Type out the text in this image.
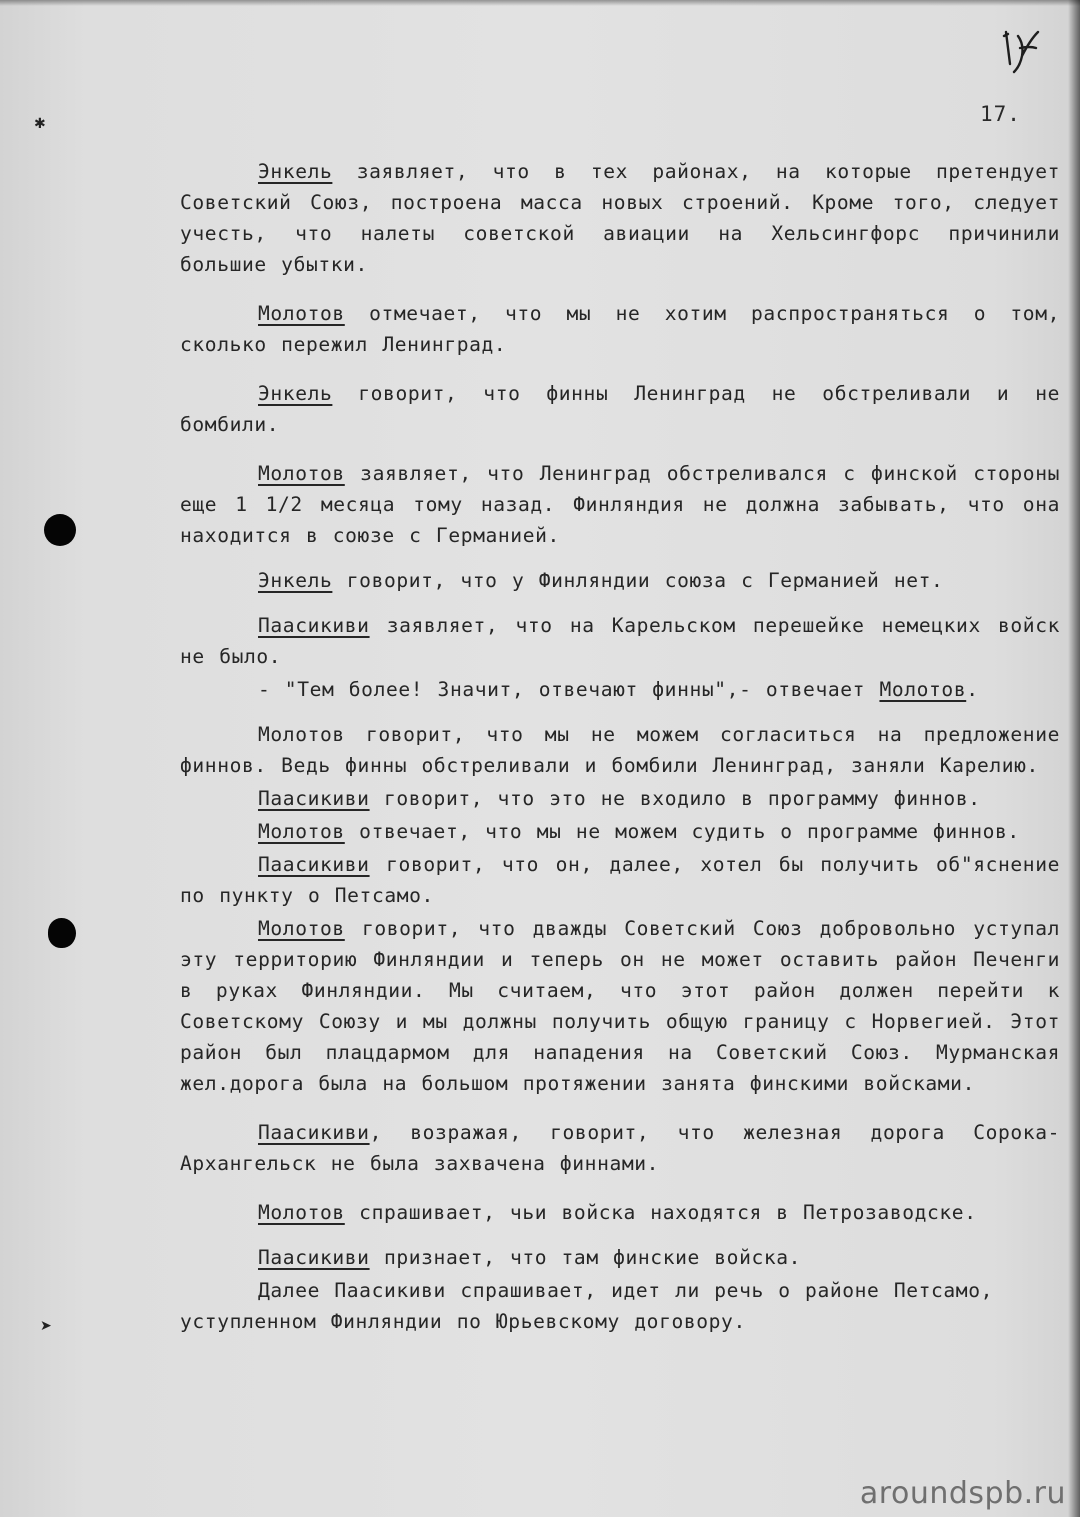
17.
✱
➤

Энкель заявляет, что в тех районах, на которые претендует Советский Союз, построена масса новых строений. Кроме того, следует учесть, что налеты советской авиации на Хельсингфорс причинили большие убытки.

Молотов отмечает, что мы не хотим распространяться о том, сколько пережил Ленинград.

Энкель говорит, что финны Ленинград не обстреливали и не бомбили.

Молотов заявляет, что Ленинград обстреливался с финской стороны еще 1 1/2 месяца тому назад. Финляндия не должна забывать, что она находится в союзе с Германией.

Энкель говорит, что у Финляндии союза с Германией нет.

Паасикиви заявляет, что на Карельском перешейке немецких войск не было.

- "Тем более! Значит, отвечают финны",- отвечает Молотов.

Молотов говорит, что мы не можем согласиться на предложение финнов. Ведь финны обстреливали и бомбили Ленинград, заняли Карелию.

Паасикиви говорит, что это не входило в программу финнов.

Молотов отвечает, что мы не можем судить о программе финнов.

Паасикиви говорит, что он, далее, хотел бы получить об"яснение по пункту о Петсамо.

Молотов говорит, что дважды Советский Союз добровольно уступал эту территорию Финляндии и теперь он не может оставить район Печенги в руках Финляндии. Мы считаем, что этот район должен перейти к Советскому Союзу и мы должны получить общую границу с Норвегией. Этот район был плацдармом для нападения на Советский Союз. Мурманская жел.дорога была на большом протяжении занята финскими войсками.

Паасикиви, возражая, говорит, что железная дорога Сорока-Архангельск не была захвачена финнами.

Молотов спрашивает, чьи войска находятся в Петрозаводске.

Паасикиви признает, что там финские войска.

Далее Паасикиви спрашивает, идет ли речь о районе Петсамо, уступленном Финляндии по Юрьевскому договору.

aroundspb.ru
